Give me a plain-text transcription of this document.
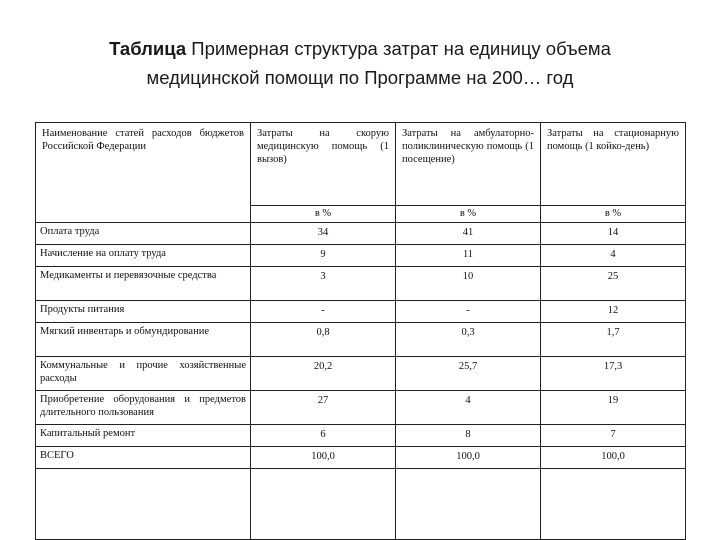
Таблица Примерная структура затрат на единицу объема
медицинской помощи по Программе на 200… год
Наименование статей расходов бюджетов Российской Федерации	Затраты на скорую медицинскую помощь (1 вызов)	Затраты на амбулаторно-поликлиническую помощь (1 посещение)	Затраты на стационарную помощь (1 койко-день)
	в %	в %	в %
Оплата труда	34	41	14
Начисление на оплату труда	9	11	4
Медикаменты и перевязочные средства	3	10	25
Продукты питания	-	-	12
Мягкий инвентарь и обмундирование	0,8	0,3	1,7
Коммунальные и прочие хозяйственные расходы	20,2	25,7	17,3
Приобретение оборудования и предметов длительного пользования	27	4	19
Капитальный ремонт	6	8	7
ВСЕГО	100,0	100,0	100,0
